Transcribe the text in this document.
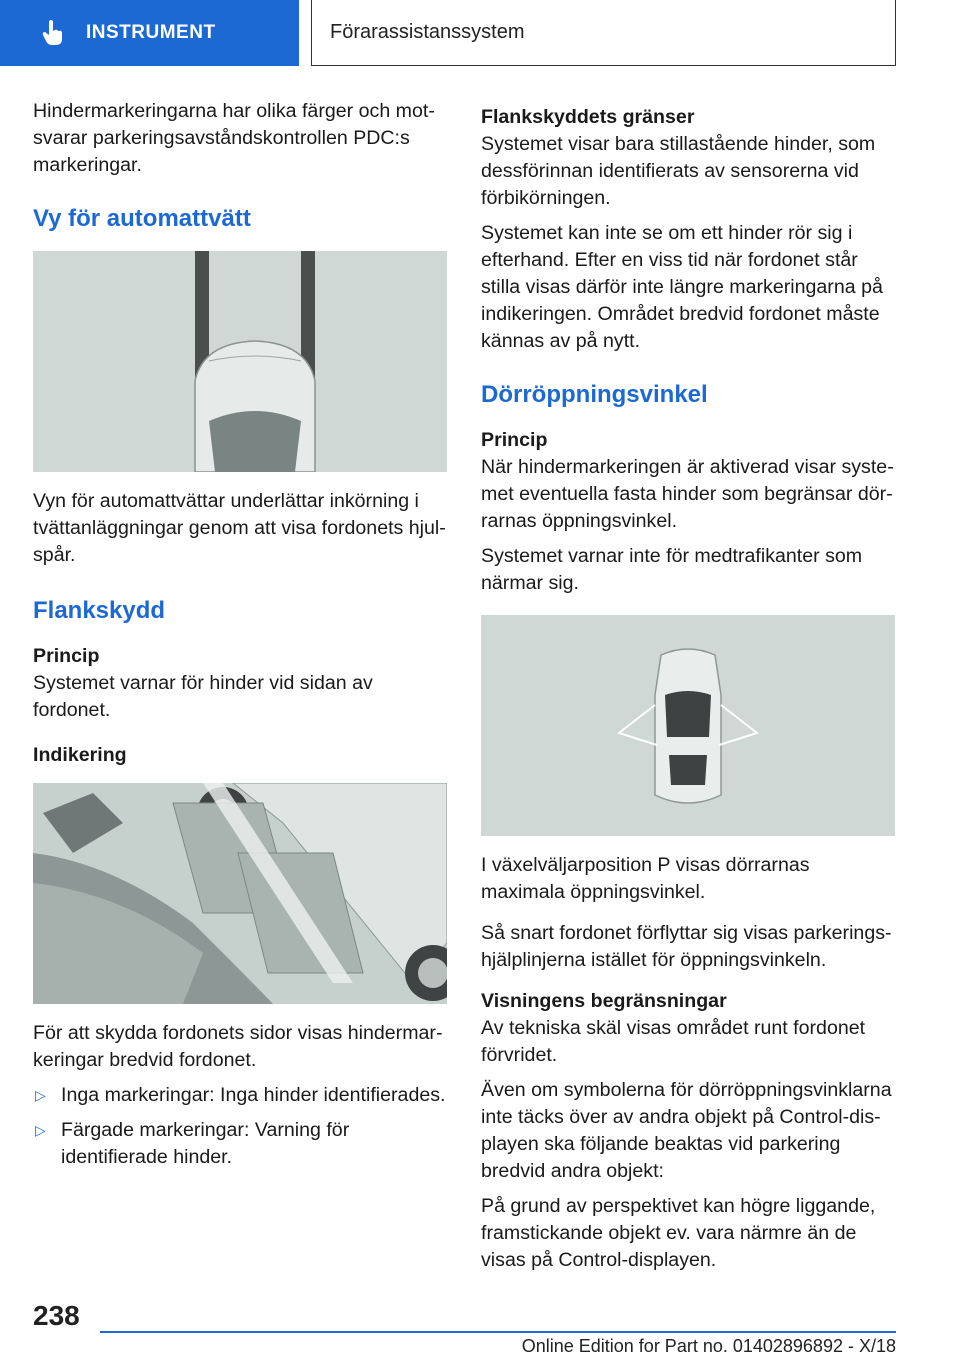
INSTRUMENT	Förarassistanssystem

Hindermarkeringarna har olika färger och motsvarar parkeringsavståndskontrollen PDC:s markeringar.

Vy för automattvätt

Vyn för automattvättar underlättar inkörning i tvättanläggningar genom att visa fordonets hjulspår.

Flankskydd
Princip

Systemet varnar för hinder vid sidan av fordonet.

Indikering

För att skydda fordonets sidor visas hindermarkeringar bredvid fordonet.

▷ Inga markeringar: Inga hinder identifierades.
▷ Färgade markeringar: Varning för identifierade hinder.
Flankskyddets gränser

Systemet visar bara stillastående hinder, som dessförinnan identifierats av sensorerna vid förbikörningen.

Systemet kan inte se om ett hinder rör sig i efterhand. Efter en viss tid när fordonet står stilla visas därför inte längre markeringarna på indikeringen. Området bredvid fordonet måste kännas av på nytt.

Dörröppningsvinkel
Princip

När hindermarkeringen är aktiverad visar systemet eventuella fasta hinder som begränsar dörrarnas öppningsvinkel.

Systemet varnar inte för medtrafikanter som närmar sig.

I växelväljarposition P visas dörrarnas maximala öppningsvinkel.

Så snart fordonet förflyttar sig visas parkeringshjälplinjerna istället för öppningsvinkeln.

Visningens begränsningar

Av tekniska skäl visas området runt fordonet förvridet.

Även om symbolerna för dörröppningsvinklarna inte täcks över av andra objekt på Control-displayen ska följande beaktas vid parkering bredvid andra objekt:

På grund av perspektivet kan högre liggande, framstickande objekt ev. vara närmre än de visas på Control-displayen.

238
Online Edition for Part no. 01402896892 - X/18
